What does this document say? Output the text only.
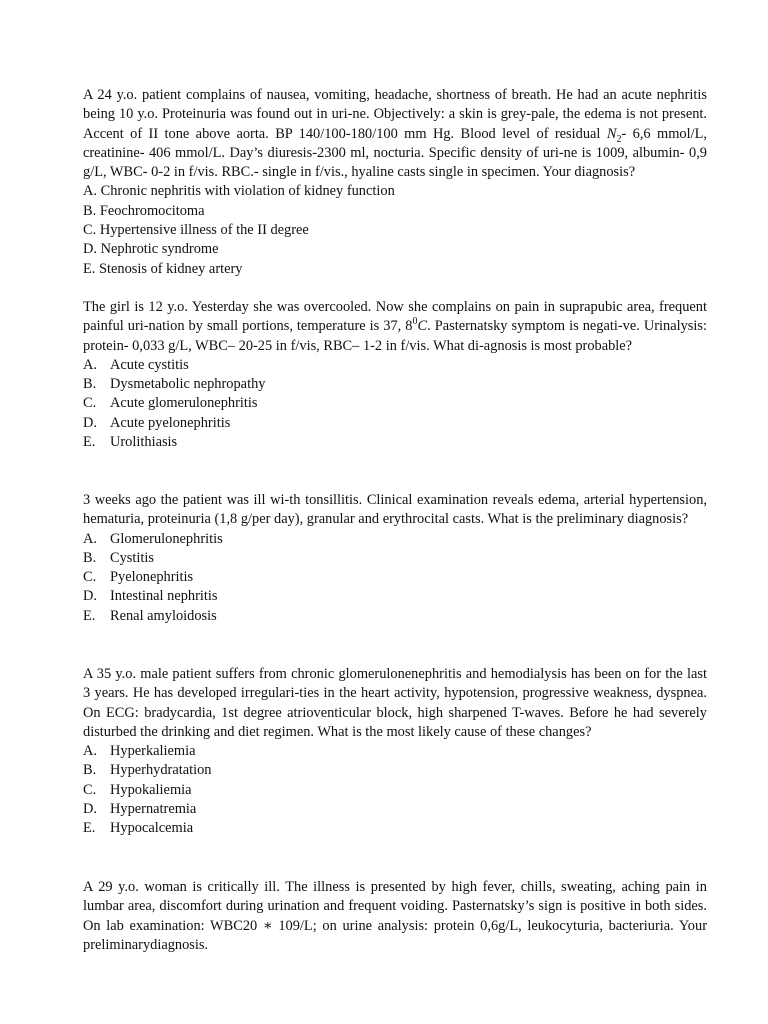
A 24 y.o. patient complains of nausea, vomiting, headache, shortness of breath. He had an acute nephritis being 10 y.o. Proteinuria was found out in uri-ne. Objectively: a skin is grey-pale, the edema is not present. Accent of II tone above aorta. BP 140/100-180/100 mm Hg. Blood level of residual $N_2-$ 6,6 mmol/L, creatinine- 406 mmol/L. Day’s diuresis-2300 ml, nocturia. Specific density of uri-ne is 1009, albumin- 0,9 g/L, WBC- 0-2 in f/vis. RBC.- single in f/vis., hyaline casts single in specimen. Your diagnosis?

A. Chronic nephritis with violation of kidney function
B. Feochromocitoma
C. Hypertensive illness of the II degree
D. Nephrotic syndrome
E. Stenosis of kidney artery

The girl is 12 y.o. Yesterday she was overcooled. Now she complains on pain in suprapubic area, frequent painful uri-nation by small portions, temperature is 37, $8^0C$. Pasternatsky symptom is negati-ve. Urinalysis: protein- 0,033 g/L, WBC– 20-25 in f/vis, RBC– 1-2 in f/vis. What di-agnosis is most probable?

A. Acute cystitis
B. Dysmetabolic nephropathy
C. Acute glomerulonephritis
D. Acute pyelonephritis
E. Urolithiasis

3 weeks ago the patient was ill wi-th tonsillitis. Clinical examination reveals edema, arterial hypertension, hematuria, proteinuria (1,8 g/per day), granular and erythrocital casts. What is the preliminary diagnosis?

A. Glomerulonephritis
B. Cystitis
C. Pyelonephritis
D. Intestinal nephritis
E. Renal amyloidosis

A 35 y.o. male patient suffers from chronic glomerulonenephritis and hemodialysis has been on for the last 3 years. He has developed irregulari-ties in the heart activity, hypotension, progressive weakness, dyspnea. On ECG: bradycardia, 1st degree atrioventicular block, high sharpened T-waves. Before he had severely disturbed the drinking and diet regimen. What is the most likely cause of these changes?

A. Hyperkaliemia
B. Hyperhydratation
C. Hypokaliemia
D. Hypernatremia
E. Hypocalcemia

A 29 y.o. woman is critically ill. The illness is presented by high fever, chills, sweating, aching pain in lumbar area, discomfort during urination and frequent voiding. Pasternatsky’s sign is positive in both sides. On lab examination: WBC20 ∗ 109/L; on urine analysis: protein 0,6g/L, leukocyturia, bacteriuria. Your preliminarydiagnosis.
